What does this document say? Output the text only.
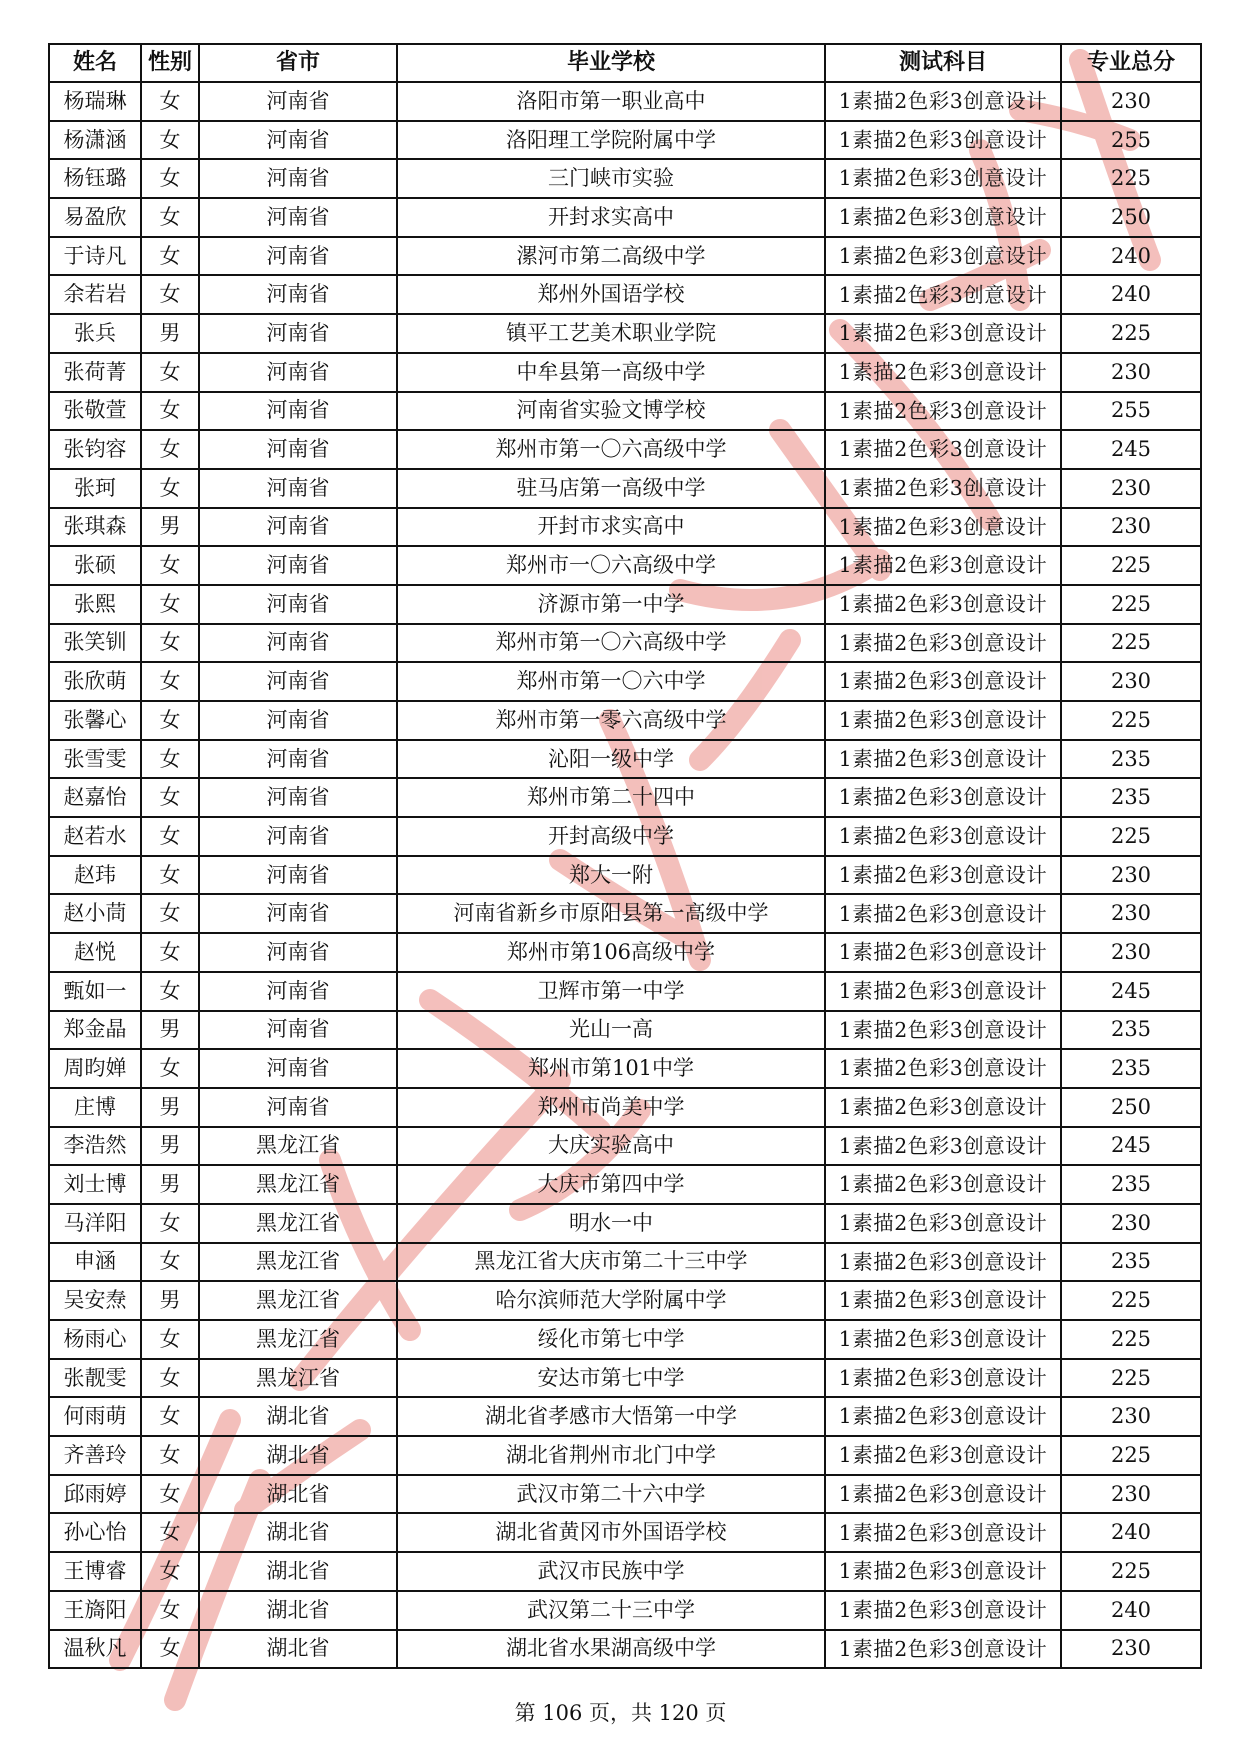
姓名	性别	省市	毕业学校	测试科目	专业总分
杨瑞琳	女	河南省	洛阳市第一职业高中	1素描2色彩3创意设计	230
杨潇涵	女	河南省	洛阳理工学院附属中学	1素描2色彩3创意设计	255
杨钰璐	女	河南省	三门峡市实验	1素描2色彩3创意设计	225
易盈欣	女	河南省	开封求实高中	1素描2色彩3创意设计	250
于诗凡	女	河南省	漯河市第二高级中学	1素描2色彩3创意设计	240
余若岩	女	河南省	郑州外国语学校	1素描2色彩3创意设计	240
张兵	男	河南省	镇平工艺美术职业学院	1素描2色彩3创意设计	225
张荷菁	女	河南省	中牟县第一高级中学	1素描2色彩3创意设计	230
张敬萱	女	河南省	河南省实验文博学校	1素描2色彩3创意设计	255
张钧容	女	河南省	郑州市第一〇六高级中学	1素描2色彩3创意设计	245
张珂	女	河南省	驻马店第一高级中学	1素描2色彩3创意设计	230
张琪森	男	河南省	开封市求实高中	1素描2色彩3创意设计	230
张硕	女	河南省	郑州市一〇六高级中学	1素描2色彩3创意设计	225
张熙	女	河南省	济源市第一中学	1素描2色彩3创意设计	225
张笑钏	女	河南省	郑州市第一〇六高级中学	1素描2色彩3创意设计	225
张欣萌	女	河南省	郑州市第一〇六中学	1素描2色彩3创意设计	230
张馨心	女	河南省	郑州市第一零六高级中学	1素描2色彩3创意设计	225
张雪雯	女	河南省	沁阳一级中学	1素描2色彩3创意设计	235
赵嘉怡	女	河南省	郑州市第二十四中	1素描2色彩3创意设计	235
赵若水	女	河南省	开封高级中学	1素描2色彩3创意设计	225
赵玮	女	河南省	郑大一附	1素描2色彩3创意设计	230
赵小茼	女	河南省	河南省新乡市原阳县第一高级中学	1素描2色彩3创意设计	230
赵悦	女	河南省	郑州市第106高级中学	1素描2色彩3创意设计	230
甄如一	女	河南省	卫辉市第一中学	1素描2色彩3创意设计	245
郑金晶	男	河南省	光山一高	1素描2色彩3创意设计	235
周昀婵	女	河南省	郑州市第101中学	1素描2色彩3创意设计	235
庄博	男	河南省	郑州市尚美中学	1素描2色彩3创意设计	250
李浩然	男	黑龙江省	大庆实验高中	1素描2色彩3创意设计	245
刘士博	男	黑龙江省	大庆市第四中学	1素描2色彩3创意设计	235
马洋阳	女	黑龙江省	明水一中	1素描2色彩3创意设计	230
申涵	女	黑龙江省	黑龙江省大庆市第二十三中学	1素描2色彩3创意设计	235
吴安焘	男	黑龙江省	哈尔滨师范大学附属中学	1素描2色彩3创意设计	225
杨雨心	女	黑龙江省	绥化市第七中学	1素描2色彩3创意设计	225
张靓雯	女	黑龙江省	安达市第七中学	1素描2色彩3创意设计	225
何雨萌	女	湖北省	湖北省孝感市大悟第一中学	1素描2色彩3创意设计	230
齐善玲	女	湖北省	湖北省荆州市北门中学	1素描2色彩3创意设计	225
邱雨婷	女	湖北省	武汉市第二十六中学	1素描2色彩3创意设计	230
孙心怡	女	湖北省	湖北省黄冈市外国语学校	1素描2色彩3创意设计	240
王博睿	女	湖北省	武汉市民族中学	1素描2色彩3创意设计	225
王旖阳	女	湖北省	武汉第二十三中学	1素描2色彩3创意设计	240
温秋凡	女	湖北省	湖北省水果湖高级中学	1素描2色彩3创意设计	230
第 106 页，共 120 页
